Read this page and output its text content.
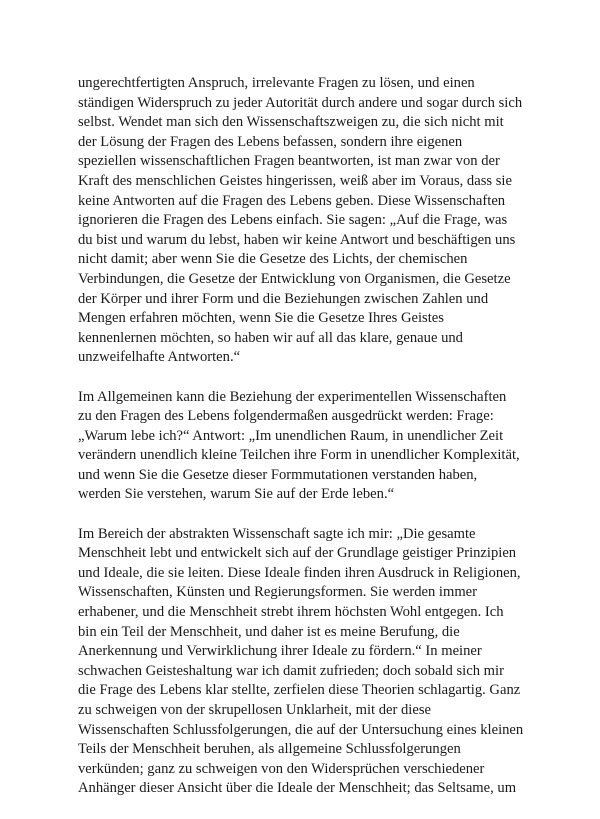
ungerechtfertigten Anspruch, irrelevante Fragen zu lösen, und einen
ständigen Widerspruch zu jeder Autorität durch andere und sogar durch sich
selbst. Wendet man sich den Wissenschaftszweigen zu, die sich nicht mit
der Lösung der Fragen des Lebens befassen, sondern ihre eigenen
speziellen wissenschaftlichen Fragen beantworten, ist man zwar von der
Kraft des menschlichen Geistes hingerissen, weiß aber im Voraus, dass sie
keine Antworten auf die Fragen des Lebens geben. Diese Wissenschaften
ignorieren die Fragen des Lebens einfach. Sie sagen: „Auf die Frage, was
du bist und warum du lebst, haben wir keine Antwort und beschäftigen uns
nicht damit; aber wenn Sie die Gesetze des Lichts, der chemischen
Verbindungen, die Gesetze der Entwicklung von Organismen, die Gesetze
der Körper und ihrer Form und die Beziehungen zwischen Zahlen und
Mengen erfahren möchten, wenn Sie die Gesetze Ihres Geistes
kennenlernen möchten, so haben wir auf all das klare, genaue und
unzweifelhafte Antworten.“

Im Allgemeinen kann die Beziehung der experimentellen Wissenschaften
zu den Fragen des Lebens folgendermaßen ausgedrückt werden: Frage:
„Warum lebe ich?“ Antwort: „Im unendlichen Raum, in unendlicher Zeit
verändern unendlich kleine Teilchen ihre Form in unendlicher Komplexität,
und wenn Sie die Gesetze dieser Formmutationen verstanden haben,
werden Sie verstehen, warum Sie auf der Erde leben.“

Im Bereich der abstrakten Wissenschaft sagte ich mir: „Die gesamte
Menschheit lebt und entwickelt sich auf der Grundlage geistiger Prinzipien
und Ideale, die sie leiten. Diese Ideale finden ihren Ausdruck in Religionen,
Wissenschaften, Künsten und Regierungsformen. Sie werden immer
erhabener, und die Menschheit strebt ihrem höchsten Wohl entgegen. Ich
bin ein Teil der Menschheit, und daher ist es meine Berufung, die
Anerkennung und Verwirklichung ihrer Ideale zu fördern.“ In meiner
schwachen Geisteshaltung war ich damit zufrieden; doch sobald sich mir
die Frage des Lebens klar stellte, zerfielen diese Theorien schlagartig. Ganz
zu schweigen von der skrupellosen Unklarheit, mit der diese
Wissenschaften Schlussfolgerungen, die auf der Untersuchung eines kleinen
Teils der Menschheit beruhen, als allgemeine Schlussfolgerungen
verkünden; ganz zu schweigen von den Widersprüchen verschiedener
Anhänger dieser Ansicht über die Ideale der Menschheit; das Seltsame, um
